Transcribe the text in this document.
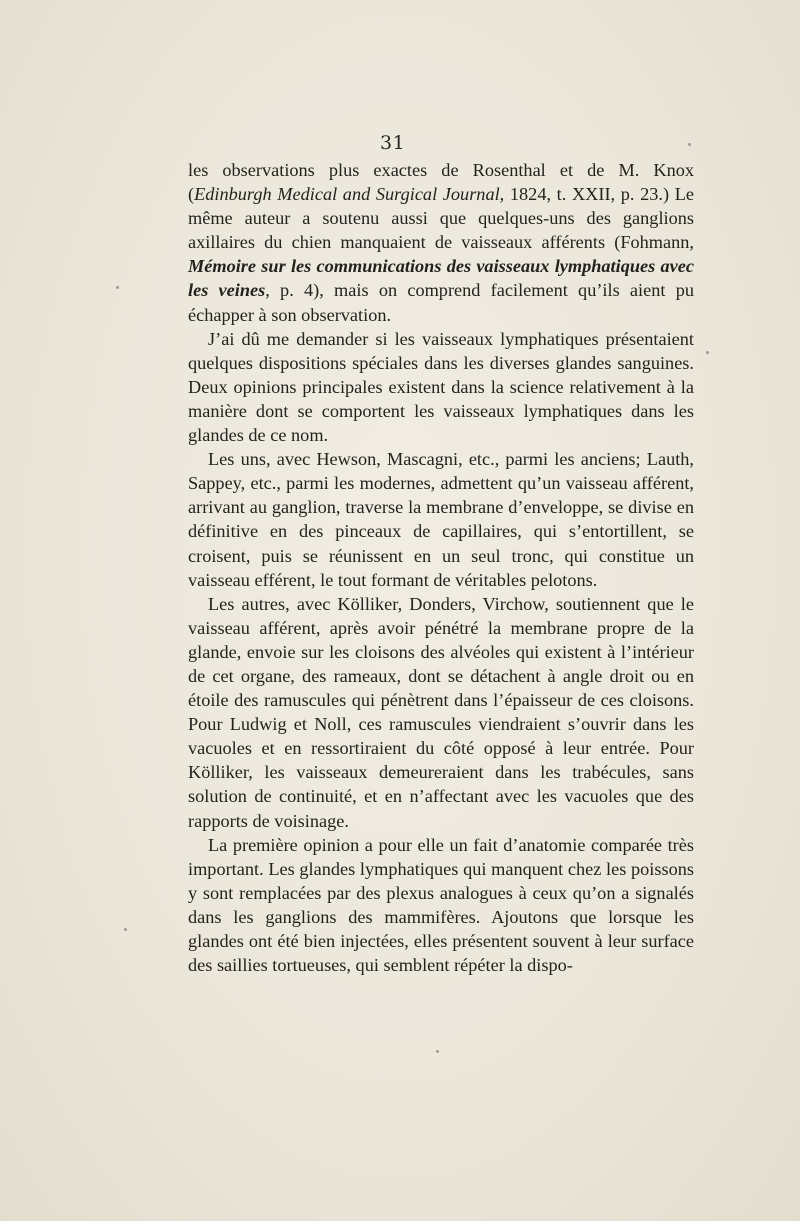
31

les observations plus exactes de Rosenthal et de M. Knox (Edinburgh Medical and Surgical Journal, 1824, t. XXII, p. 23.) Le même auteur a soutenu aussi que quelques-uns des ganglions axillaires du chien manquaient de vaisseaux afférents (Fohmann, Mémoire sur les communications des vaisseaux lymphatiques avec les veines, p. 4), mais on comprend facilement qu’ils aient pu échapper à son observation.

J’ai dû me demander si les vaisseaux lymphatiques présentaient quelques dispositions spéciales dans les diverses glandes sanguines. Deux opinions principales existent dans la science relativement à la manière dont se comportent les vaisseaux lymphatiques dans les glandes de ce nom.

Les uns, avec Hewson, Mascagni, etc., parmi les anciens; Lauth, Sappey, etc., parmi les modernes, admettent qu’un vaisseau afférent, arrivant au ganglion, traverse la membrane d’enveloppe, se divise en définitive en des pinceaux de capillaires, qui s’entortillent, se croisent, puis se réunissent en un seul tronc, qui constitue un vaisseau efférent, le tout formant de véritables pelotons.

Les autres, avec Kölliker, Donders, Virchow, soutiennent que le vaisseau afférent, après avoir pénétré la membrane propre de la glande, envoie sur les cloisons des alvéoles qui existent à l’intérieur de cet organe, des rameaux, dont se détachent à angle droit ou en étoile des ramuscules qui pénètrent dans l’épaisseur de ces cloisons. Pour Ludwig et Noll, ces ramuscules viendraient s’ouvrir dans les vacuoles et en ressortiraient du côté opposé à leur entrée. Pour Kölliker, les vaisseaux demeureraient dans les trabécules, sans solution de continuité, et en n’affectant avec les vacuoles que des rapports de voisinage.

La première opinion a pour elle un fait d’anatomie comparée très important. Les glandes lymphatiques qui manquent chez les poissons y sont remplacées par des plexus analogues à ceux qu’on a signalés dans les ganglions des mammifères. Ajoutons que lorsque les glandes ont été bien injectées, elles présentent souvent à leur surface des saillies tortueuses, qui semblent répéter la dispo-
